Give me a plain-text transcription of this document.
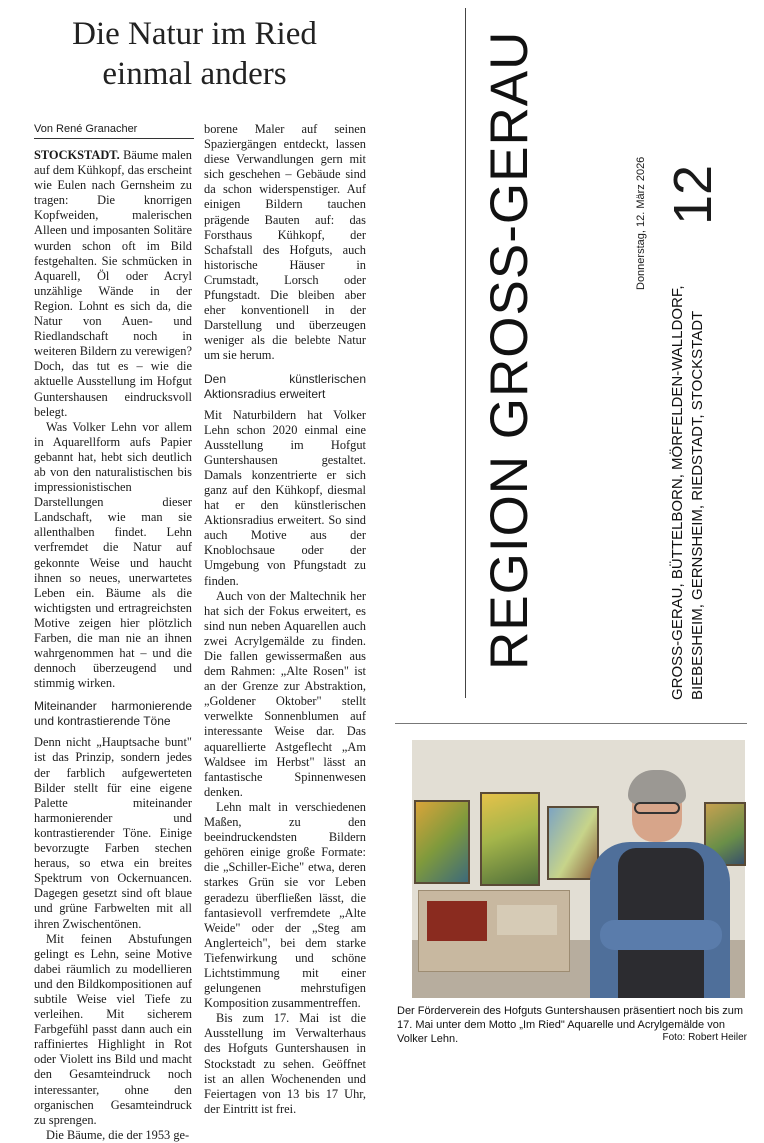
Die Natur im Ried
einmal anders
Von René Granacher

STOCKSTADT. Bäume malen auf dem Kühkopf, das erscheint wie Eulen nach Gernsheim zu tragen: Die knorrigen Kopfweiden, malerischen Alleen und imposanten Solitäre wurden schon oft im Bild festgehalten. Sie schmücken in Aquarell, Öl oder Acryl unzählige Wände in der Region. Lohnt es sich da, die Natur von Auen- und Riedlandschaft noch in weiteren Bildern zu verewigen? Doch, das tut es – wie die aktuelle Ausstellung im Hofgut Guntershausen eindrucksvoll belegt.

Was Volker Lehn vor allem in Aquarellform aufs Papier gebannt hat, hebt sich deutlich ab von den naturalistischen bis impressionistischen Darstellungen dieser Landschaft, wie man sie allenthalben findet. Lehn verfremdet die Natur auf gekonnte Weise und haucht ihnen so neues, unerwartetes Leben ein. Bäume als die wichtigsten und ertragreichsten Motive zeigen hier plötzlich Farben, die man nie an ihnen wahrgenommen hat – und die dennoch überzeugend und stimmig wirken.

Miteinander harmonierende und kontrastierende Töne

Denn nicht „Hauptsache bunt" ist das Prinzip, sondern jedes der farblich aufgewerteten Bilder stellt für eine eigene Palette miteinander harmonierender und kontrastierender Töne. Einige bevorzugte Farben stechen heraus, so etwa ein breites Spektrum von Ockernuancen. Dagegen gesetzt sind oft blaue und grüne Farbwelten mit all ihren Zwischentönen.

Mit feinen Abstufungen gelingt es Lehn, seine Motive dabei räumlich zu modellieren und den Bildkompositionen auf subtile Weise viel Tiefe zu verleihen. Mit sicherem Farbgefühl passt dann auch ein raffiniertes Highlight in Rot oder Violett ins Bild und macht den Gesamteindruck noch interessanter, ohne den organischen Gesamteindruck zu sprengen.

Die Bäume, die der 1953 ge-

borene Maler auf seinen Spaziergängen entdeckt, lassen diese Verwandlungen gern mit sich geschehen – Gebäude sind da schon widerspenstiger. Auf einigen Bildern tauchen prägende Bauten auf: das Forsthaus Kühkopf, der Schafstall des Hofguts, auch historische Häuser in Crumstadt, Lorsch oder Pfungstadt. Die bleiben aber eher konventionell in der Darstellung und überzeugen weniger als die belebte Natur um sie herum.

Den künstlerischen Aktionsradius erweitert

Mit Naturbildern hat Volker Lehn schon 2020 einmal eine Ausstellung im Hofgut Guntershausen gestaltet. Damals konzentrierte er sich ganz auf den Kühkopf, diesmal hat er den künstlerischen Aktionsradius erweitert. So sind auch Motive aus der Knoblochsaue oder der Umgebung von Pfungstadt zu finden.

Auch von der Maltechnik her hat sich der Fokus erweitert, es sind nun neben Aquarellen auch zwei Acrylgemälde zu finden. Die fallen gewissermaßen aus dem Rahmen: „Alte Rosen" ist an der Grenze zur Abstraktion, „Goldener Oktober" stellt verwelkte Sonnenblumen auf interessante Weise dar. Das aquarellierte Astgeflecht „Am Waldsee im Herbst" lässt an fantastische Spinnenwesen denken.

Lehn malt in verschiedenen Maßen, zu den beeindruckendsten Bildern gehören einige große Formate: die „Schiller-Eiche" etwa, deren starkes Grün sie vor Leben geradezu überfließen lässt, die fantasievoll verfremdete „Alte Weide" oder der „Steg am Anglerteich", bei dem starke Tiefenwirkung und schöne Lichtstimmung mit einer gelungenen mehrstufigen Komposition zusammentreffen.

Bis zum 17. Mai ist die Ausstellung im Verwalterhaus des Hofguts Guntershausen in Stockstadt zu sehen. Geöffnet ist an allen Wochenenden und Feiertagen von 13 bis 17 Uhr, der Eintritt ist frei.

REGION GROSS-GERAU	Donnerstag, 12. März 2026 12
GROSS-GERAU, BÜTTELBORN, MÖRFELDEN-WALLDORF, BIEBESHEIM, GERNSHEIM, RIEDSTADT, STOCKSTADT
Der Förderverein des Hofguts Guntershausen präsentiert noch bis zum 17. Mai unter dem Motto „Im Ried" Aquarelle und Acrylgemälde von Volker Lehn.	Foto: Robert Heiler
